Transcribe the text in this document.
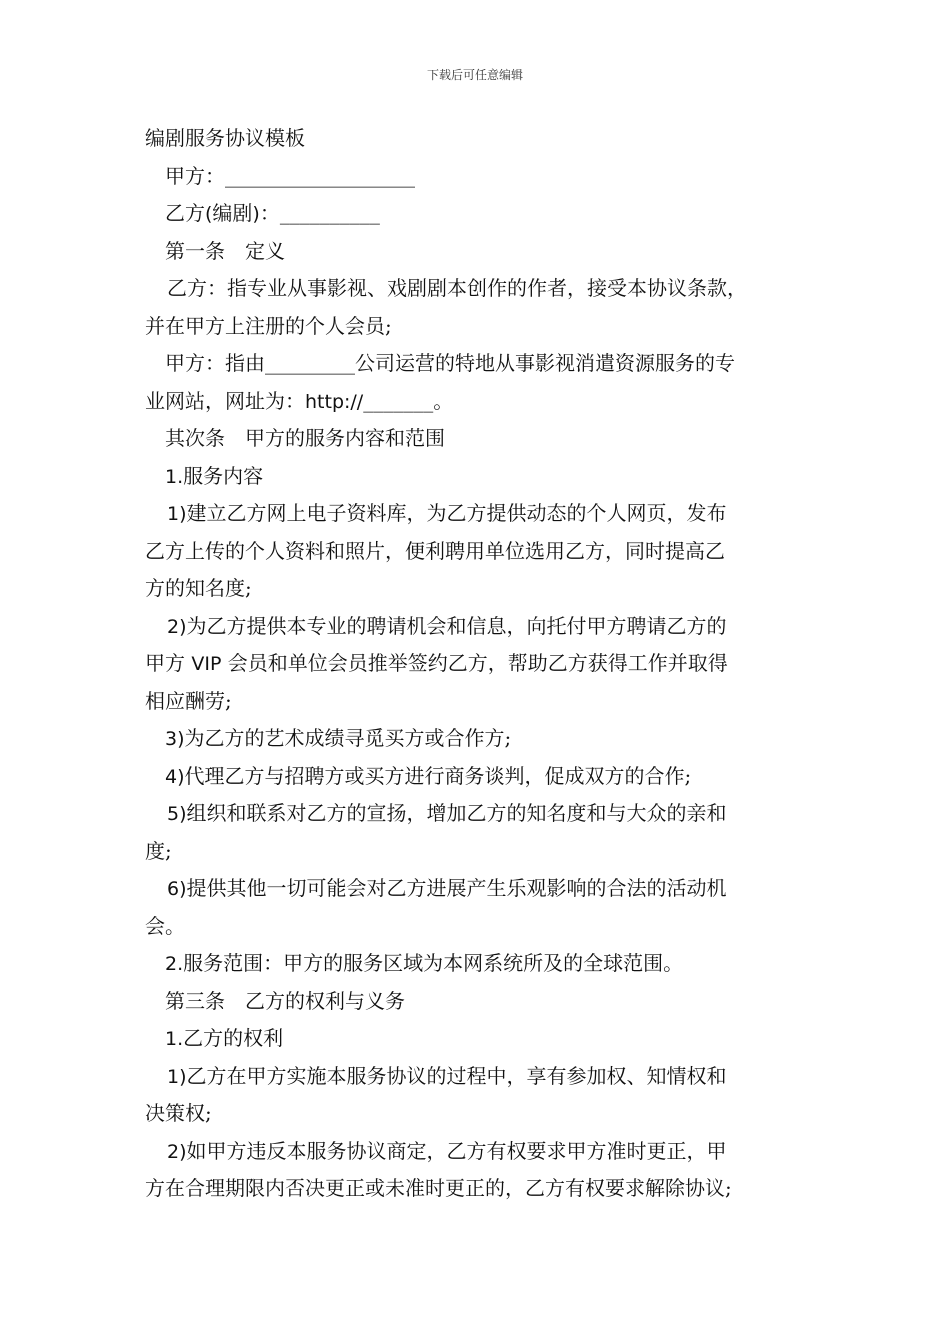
下载后可任意编辑
编剧服务协议模板
甲方：___________________
乙方(编剧)：__________
第一条　定义
乙方：指专业从事影视、戏剧剧本创作的作者，接受本协议条款，
并在甲方上注册的个人会员;
甲方：指由_________公司运营的特地从事影视消遣资源服务的专
业网站，网址为：http://_______。
其次条　甲方的服务内容和范围
1.服务内容
1)建立乙方网上电子资料库，为乙方提供动态的个人网页，发布
乙方上传的个人资料和照片，便利聘用单位选用乙方，同时提高乙
方的知名度;
2)为乙方提供本专业的聘请机会和信息，向托付甲方聘请乙方的
甲方 VIP 会员和单位会员推举签约乙方，帮助乙方获得工作并取得
相应酬劳;
3)为乙方的艺术成绩寻觅买方或合作方;
4)代理乙方与招聘方或买方进行商务谈判，促成双方的合作;
5)组织和联系对乙方的宣扬，增加乙方的知名度和与大众的亲和
度;
6)提供其他一切可能会对乙方进展产生乐观影响的合法的活动机
会。
2.服务范围：甲方的服务区域为本网系统所及的全球范围。
第三条　乙方的权利与义务
1.乙方的权利
1)乙方在甲方实施本服务协议的过程中，享有参加权、知情权和
决策权;
2)如甲方违反本服务协议商定，乙方有权要求甲方准时更正，甲
方在合理期限内否决更正或未准时更正的，乙方有权要求解除协议;
